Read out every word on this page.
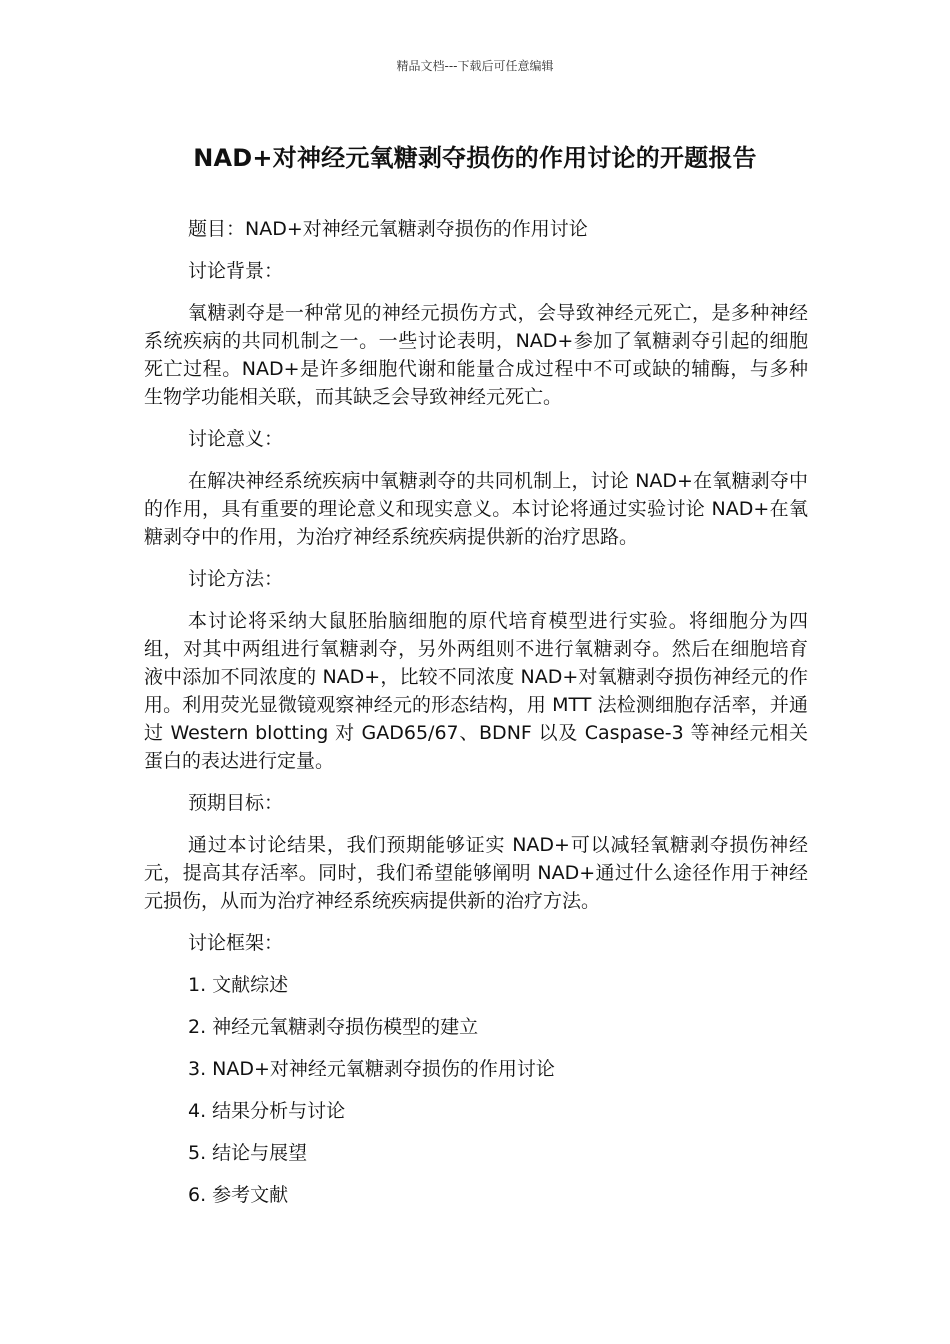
精品文档---下载后可任意编辑
NAD+对神经元氧糖剥夺损伤的作用讨论的开题报告
题目：NAD+对神经元氧糖剥夺损伤的作用讨论
讨论背景：
氧糖剥夺是一种常见的神经元损伤方式，会导致神经元死亡，是多种神经系统疾病的共同机制之一。一些讨论表明，NAD+参加了氧糖剥夺引起的细胞死亡过程。NAD+是许多细胞代谢和能量合成过程中不可或缺的辅酶，与多种生物学功能相关联，而其缺乏会导致神经元死亡。
讨论意义：
在解决神经系统疾病中氧糖剥夺的共同机制上，讨论 NAD+在氧糖剥夺中的作用，具有重要的理论意义和现实意义。本讨论将通过实验讨论 NAD+在氧糖剥夺中的作用，为治疗神经系统疾病提供新的治疗思路。
讨论方法：
本讨论将采纳大鼠胚胎脑细胞的原代培育模型进行实验。将细胞分为四组，对其中两组进行氧糖剥夺，另外两组则不进行氧糖剥夺。然后在细胞培育液中添加不同浓度的 NAD+，比较不同浓度 NAD+对氧糖剥夺损伤神经元的作用。利用荧光显微镜观察神经元的形态结构，用 MTT 法检测细胞存活率，并通过 Western blotting 对 GAD65/67、BDNF 以及 Caspase-3 等神经元相关蛋白的表达进行定量。
预期目标：
通过本讨论结果，我们预期能够证实 NAD+可以减轻氧糖剥夺损伤神经元，提高其存活率。同时，我们希望能够阐明 NAD+通过什么途径作用于神经元损伤，从而为治疗神经系统疾病提供新的治疗方法。
讨论框架：
1. 文献综述
2. 神经元氧糖剥夺损伤模型的建立
3. NAD+对神经元氧糖剥夺损伤的作用讨论
4. 结果分析与讨论
5. 结论与展望
6. 参考文献
